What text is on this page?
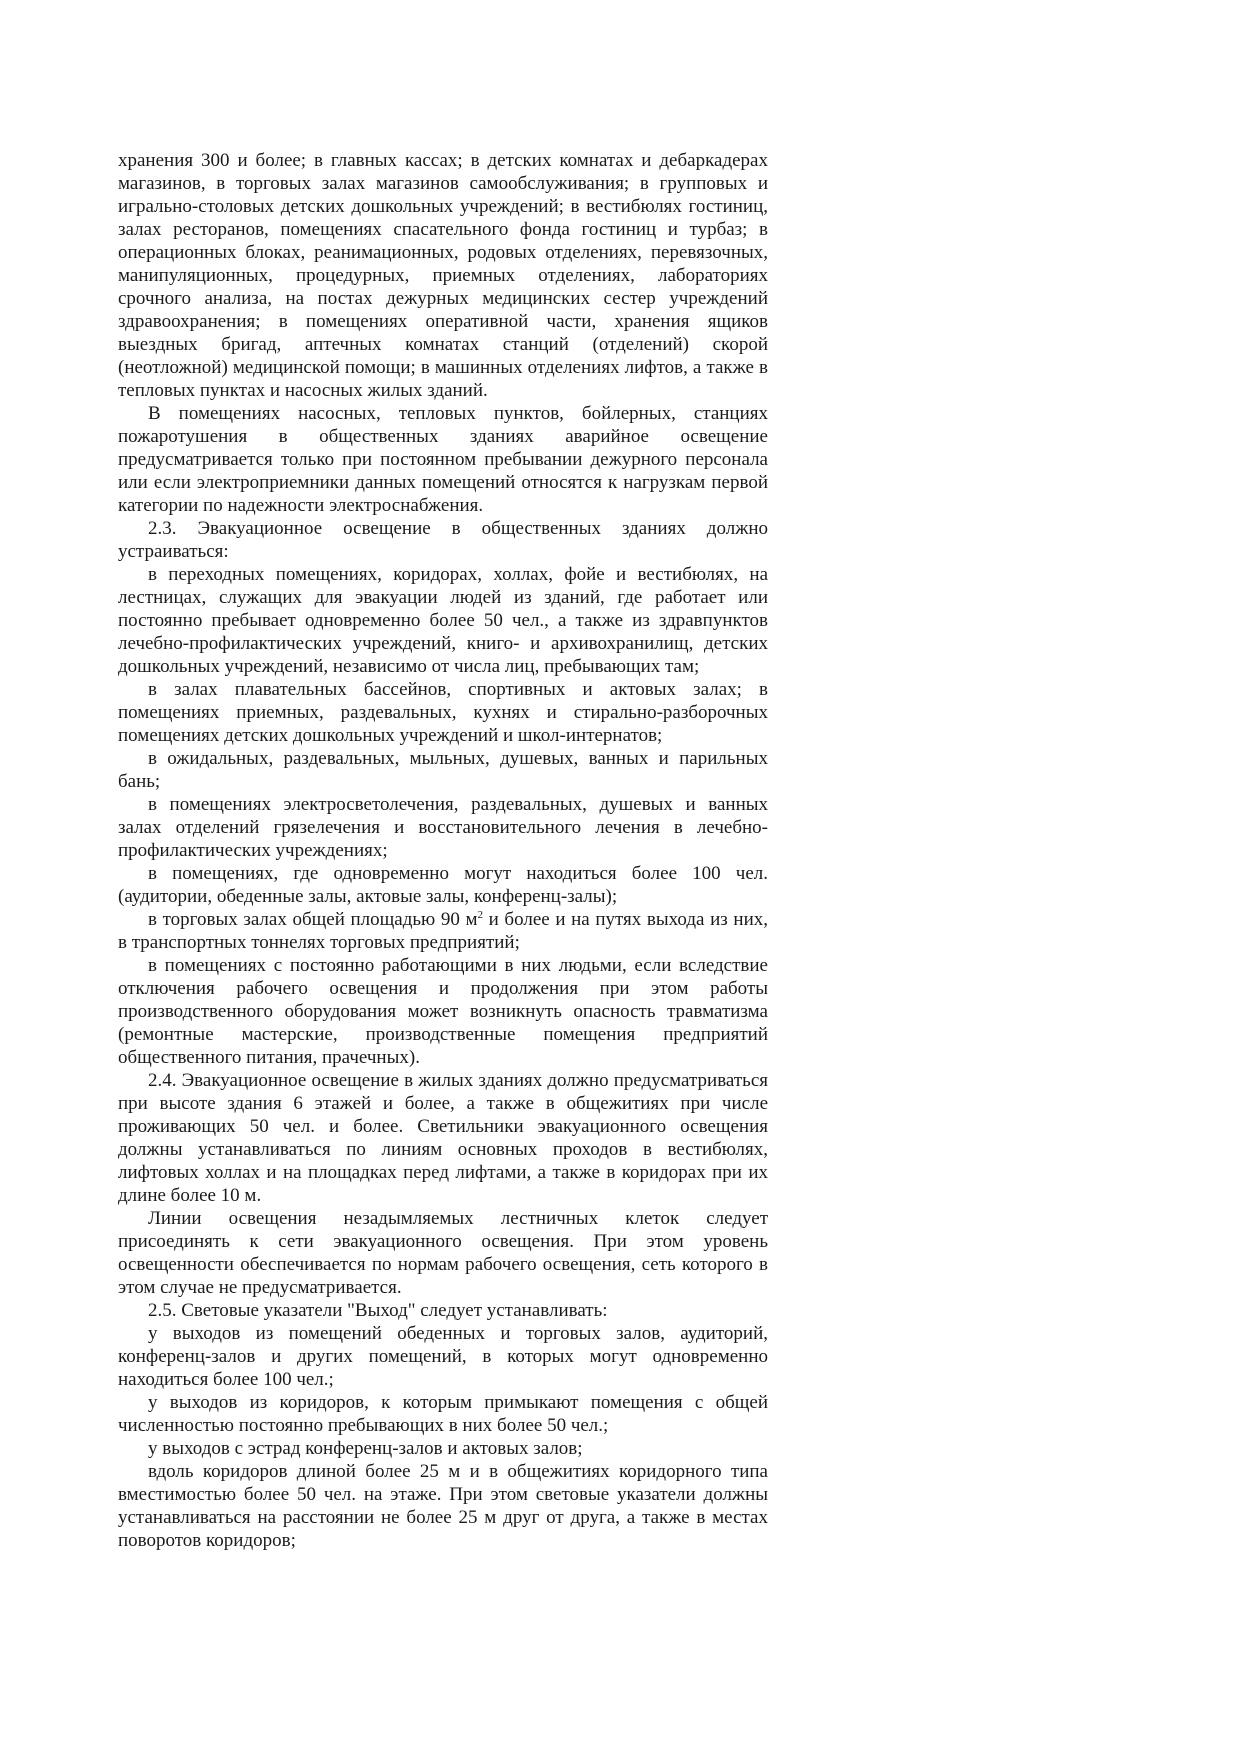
хранения 300 и более; в главных кассах; в детских комнатах и дебаркадерах магазинов, в торговых залах магазинов самообслуживания; в групповых и игрально-столовых детских дошкольных учреждений; в вестибюлях гостиниц, залах ресторанов, помещениях спасательного фонда гостиниц и турбаз; в операционных блоках, реанимационных, родовых отделениях, перевязочных, манипуляционных, процедурных, приемных отделениях, лабораториях срочного анализа, на постах дежурных медицинских сестер учреждений здравоохранения; в помещениях оперативной части, хранения ящиков выездных бригад, аптечных комнатах станций (отделений) скорой (неотложной) медицинской помощи; в машинных отделениях лифтов, а также в тепловых пунктах и насосных жилых зданий.

В помещениях насосных, тепловых пунктов, бойлерных, станциях пожаротушения в общественных зданиях аварийное освещение предусматривается только при постоянном пребывании дежурного персонала или если электроприемники данных помещений относятся к нагрузкам первой категории по надежности электроснабжения.

2.3. Эвакуационное освещение в общественных зданиях должно устраиваться:

в переходных помещениях, коридорах, холлах, фойе и вестибюлях, на лестницах, служащих для эвакуации людей из зданий, где работает или постоянно пребывает одновременно более 50 чел., а также из здравпунктов лечебно-профилактических учреждений, книго- и архивохранилищ, детских дошкольных учреждений, независимо от числа лиц, пребывающих там;

в залах плавательных бассейнов, спортивных и актовых залах; в помещениях приемных, раздевальных, кухнях и стирально-разборочных помещениях детских дошкольных учреждений и школ-интернатов;

в ожидальных, раздевальных, мыльных, душевых, ванных и парильных бань;

в помещениях электросветолечения, раздевальных, душевых и ванных залах отделений грязелечения и восстановительного лечения в лечебно-профилактических учреждениях;

в помещениях, где одновременно могут находиться более 100 чел. (аудитории, обеденные залы, актовые залы, конференц-залы);

в торговых залах общей площадью 90 $м^2$ и более и на путях выхода из них, в транспортных тоннелях торговых предприятий;

в помещениях с постоянно работающими в них людьми, если вследствие отключения рабочего освещения и продолжения при этом работы производственного оборудования может возникнуть опасность травматизма (ремонтные мастерские, производственные помещения предприятий общественного питания, прачечных).

2.4. Эвакуационное освещение в жилых зданиях должно предусматриваться при высоте здания 6 этажей и более, а также в общежитиях при числе проживающих 50 чел. и более. Светильники эвакуационного освещения должны устанавливаться по линиям основных проходов в вестибюлях, лифтовых холлах и на площадках перед лифтами, а также в коридорах при их длине более 10 м.

Линии освещения незадымляемых лестничных клеток следует присоединять к сети эвакуационного освещения. При этом уровень освещенности обеспечивается по нормам рабочего освещения, сеть которого в этом случае не предусматривается.

2.5. Световые указатели "Выход" следует устанавливать:

у выходов из помещений обеденных и торговых залов, аудиторий, конференц-залов и других помещений, в которых могут одновременно находиться более 100 чел.;

у выходов из коридоров, к которым примыкают помещения с общей численностью постоянно пребывающих в них более 50 чел.;

у выходов с эстрад конференц-залов и актовых залов;

вдоль коридоров длиной более 25 м и в общежитиях коридорного типа вместимостью более 50 чел. на этаже. При этом световые указатели должны устанавливаться на расстоянии не более 25 м друг от друга, а также в местах поворотов коридоров;
